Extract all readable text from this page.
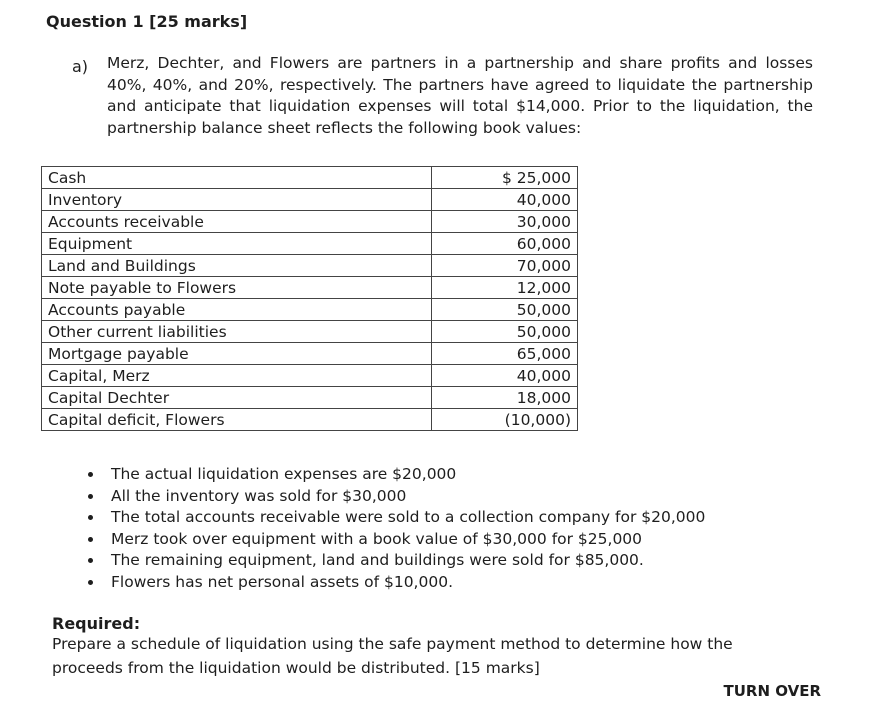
Question 1 [25 marks]
a) Merz, Dechter, and Flowers are partners in a partnership and share profits and losses 40%, 40%, and 20%, respectively. The partners have agreed to liquidate the partnership and anticipate that liquidation expenses will total $14,000. Prior to the liquidation, the partnership balance sheet reflects the following book values:
Cash	$ 25,000
Inventory	40,000
Accounts receivable	30,000
Equipment	60,000
Land and Buildings	70,000
Note payable to Flowers	12,000
Accounts payable	50,000
Other current liabilities	50,000
Mortgage payable	65,000
Capital, Merz	40,000
Capital Dechter	18,000
Capital deficit, Flowers	(10,000)
The actual liquidation expenses are $20,000
All the inventory was sold for $30,000
The total accounts receivable were sold to a collection company for $20,000
Merz took over equipment with a book value of $30,000 for $25,000
The remaining equipment, land and buildings were sold for $85,000.
Flowers has net personal assets of $10,000.
Required:
Prepare a schedule of liquidation using the safe payment method to determine how the proceeds from the liquidation would be distributed. [15 marks]
TURN OVER
